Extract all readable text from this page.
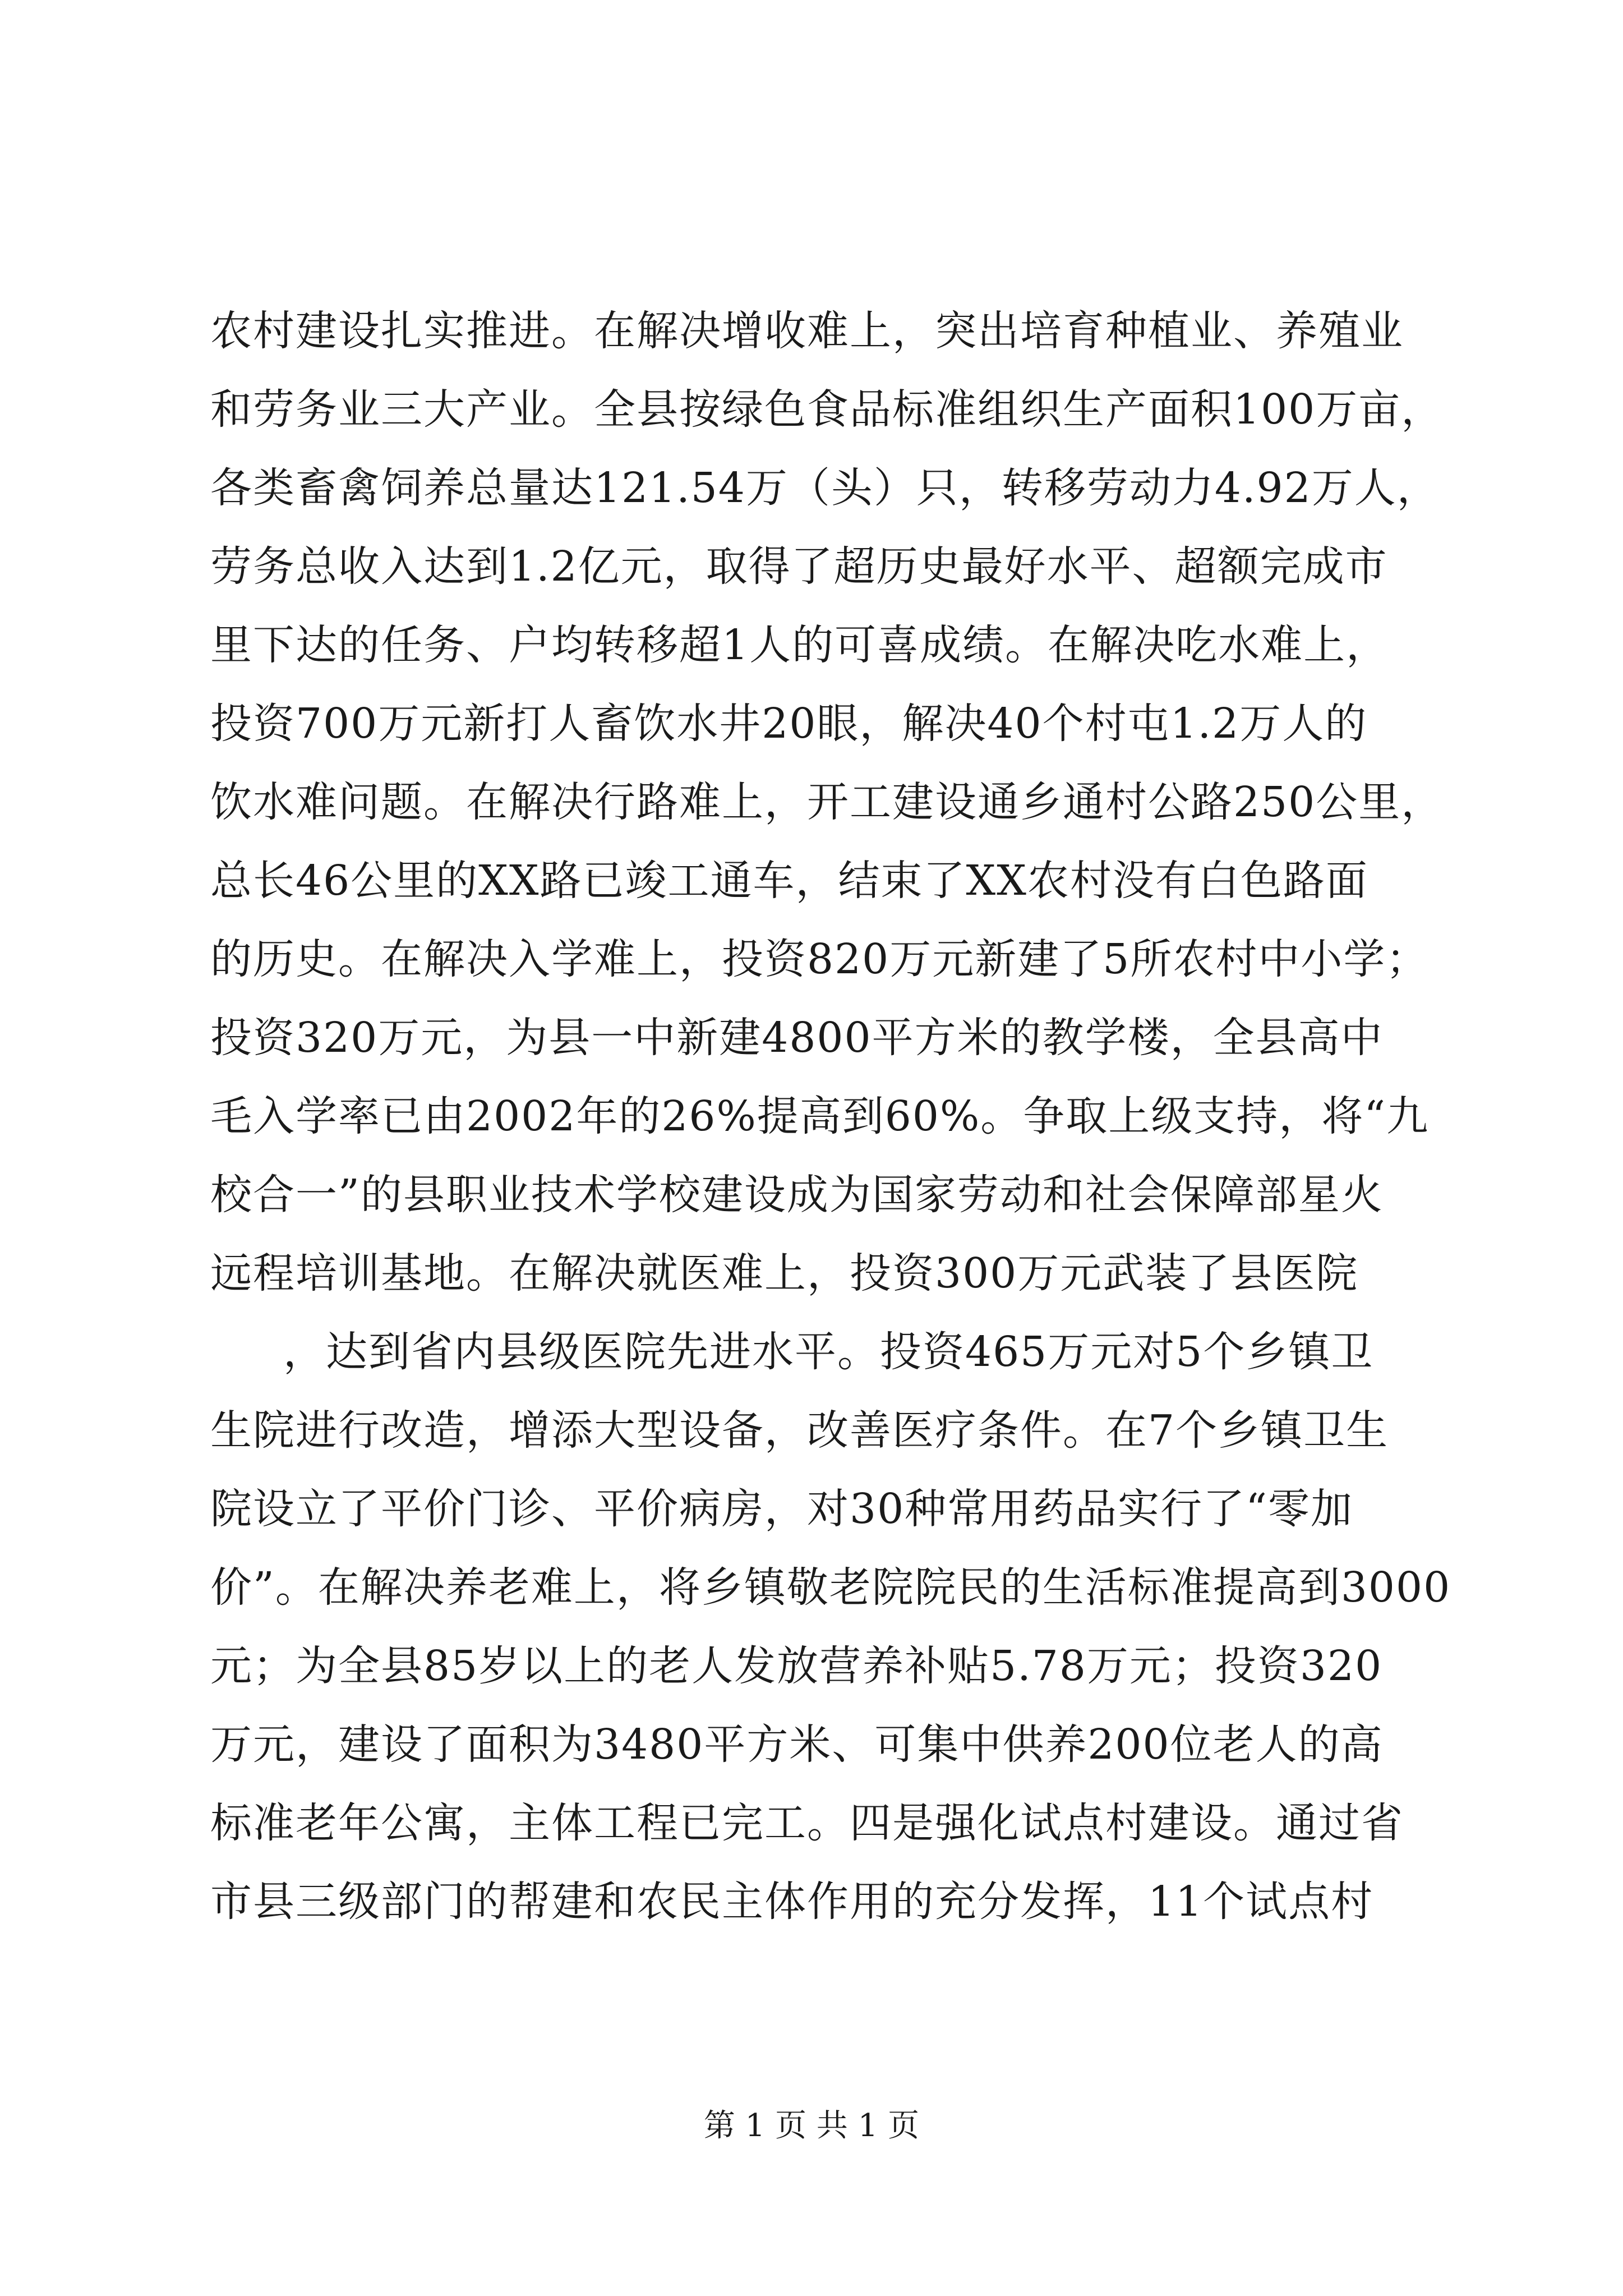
农村建设扎实推进。在解决增收难上，突出培育种植业、养殖业
和劳务业三大产业。全县按绿色食品标准组织生产面积100万亩，
各类畜禽饲养总量达121.54万（头）只，转移劳动力4.92万人，
劳务总收入达到1.2亿元，取得了超历史最好水平、超额完成市
里下达的任务、户均转移超1人的可喜成绩。在解决吃水难上，
投资700万元新打人畜饮水井20眼，解决40个村屯1.2万人的
饮水难问题。在解决行路难上，开工建设通乡通村公路250公里，
总长46公里的XX路已竣工通车，结束了XX农村没有白色路面
的历史。在解决入学难上，投资820万元新建了5所农村中小学；
投资320万元，为县一中新建4800平方米的教学楼，全县高中
毛入学率已由2002年的26%提高到60%。争取上级支持，将“九
校合一”的县职业技术学校建设成为国家劳动和社会保障部星火
远程培训基地。在解决就医难上，投资300万元武装了县医院
，达到省内县级医院先进水平。投资465万元对5个乡镇卫
生院进行改造，增添大型设备，改善医疗条件。在7个乡镇卫生
院设立了平价门诊、平价病房，对30种常用药品实行了“零加
价”。在解决养老难上，将乡镇敬老院院民的生活标准提高到3000
元；为全县85岁以上的老人发放营养补贴5.78万元；投资320
万元，建设了面积为3480平方米、可集中供养200位老人的高
标准老年公寓，主体工程已完工。四是强化试点村建设。通过省
市县三级部门的帮建和农民主体作用的充分发挥，11个试点村
第 1 页 共 1 页
